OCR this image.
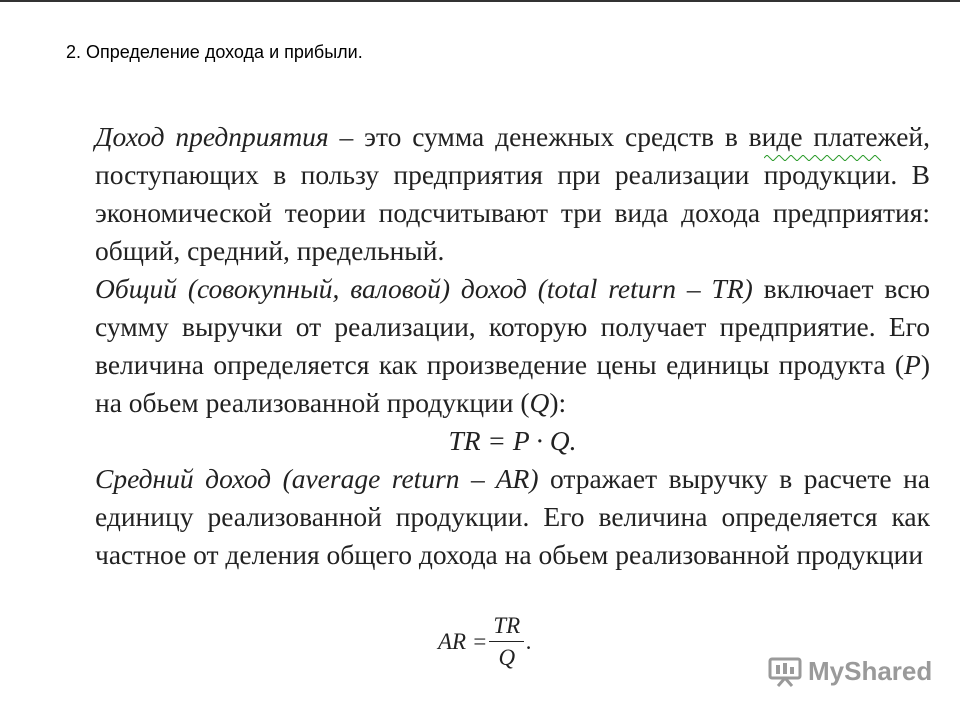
2. Определение дохода и прибыли.

Доход предприятия – это сумма денежных средств в виде платежей, поступающих в пользу предприятия при реализации продукции. В экономической теории подсчитывают три вида дохода предприятия: общий, средний, предельный.

Общий (совокупный, валовой) доход (total return – TR) включает всю сумму выручки от реализации, которую получает предприятие. Его величина определяется как произведение цены единицы продукта (P) на обьем реализованной продукции (Q):

TR = P · Q.

Средний доход (average return – AR) отражает выручку в расчете на единицу реализованной продукции. Его величина определяется как частное от деления общего дохода на обьем реализованной продукции

AR = $\frac{TR}{Q}$ .
MyShared
